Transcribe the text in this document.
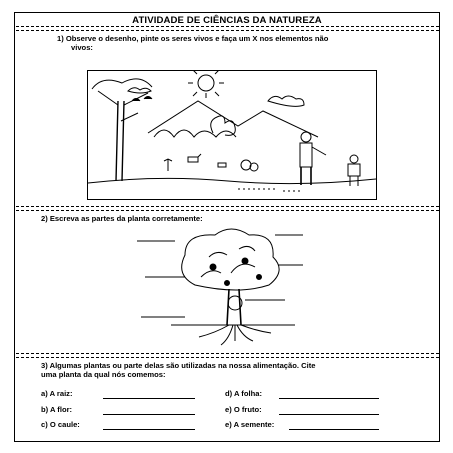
ATIVIDADE DE CIÊNCIAS DA NATUREZA
1) Observe o desenho, pinte os seres vivos e faça um X nos elementos não
vivos:
2) Escreva as partes da planta corretamente:
3) Algumas plantas ou parte delas são utilizadas na nossa alimentação. Cite
uma planta da qual nós comemos:
a) A raiz:
b) A flor:
c) O caule:
d) A folha:
e) O fruto:
e) A semente:
